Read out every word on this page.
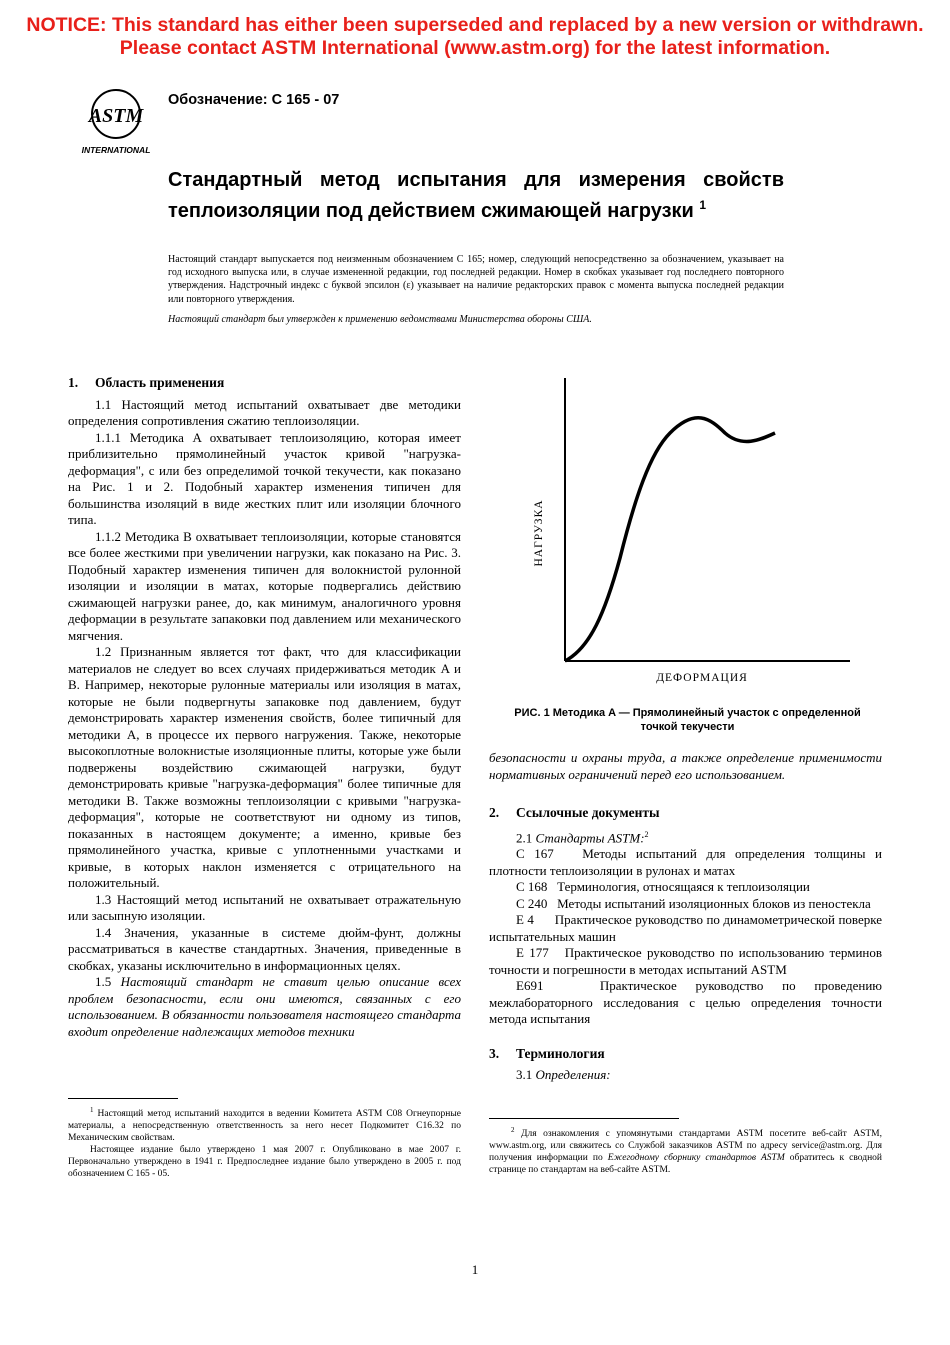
NOTICE: This standard has either been superseded and replaced by a new version or withdrawn.
Please contact ASTM International (www.astm.org) for the latest information.
ASTM
INTERNATIONAL
Обозначение: C 165 - 07
Стандартный метод испытания для измерения свойств теплоизоляции под действием сжимающей нагрузки $^1$
Настоящий стандарт выпускается под неизменным обозначением C 165; номер, следующий непосредственно за обозначением, указывает на год исходного выпуска или, в случае измененной редакции, год последней редакции. Номер в скобках указывает год последнего повторного утверждения. Надстрочный индекс с буквой эпсилон (ε) указывает на наличие редакторских правок с момента выпуска последней редакции или повторного утверждения.
Настоящий стандарт был утвержден к применению ведомствами Министерства обороны США.
1. Область применения

1.1 Настоящий метод испытаний охватывает две методики определения сопротивления сжатию теплоизоляции.

1.1.1 Методика A охватывает теплоизоляцию, которая имеет приблизительно прямолинейный участок кривой "нагрузка-деформация", с или без определимой точкой текучести, как показано на Рис. 1 и 2. Подобный характер изменения типичен для большинства изоляций в виде жестких плит или изоляции блочного типа.

1.1.2 Методика B охватывает теплоизоляции, которые становятся все более жесткими при увеличении нагрузки, как показано на Рис. 3. Подобный характер изменения типичен для волокнистой рулонной изоляции и изоляции в матах, которые подвергались действию сжимающей нагрузки ранее, до, как минимум, аналогичного уровня деформации в результате запаковки под давлением или механического мягчения.

1.2 Признанным является тот факт, что для классификации материалов не следует во всех случаях придерживаться методик A и B. Например, некоторые рулонные материалы или изоляция в матах, которые не были подвергнуты запаковке под давлением, будут демонстрировать характер изменения свойств, более типичный для методики A, в процессе их первого нагружения. Также, некоторые высокоплотные волокнистые изоляционные плиты, которые уже были подвержены воздействию сжимающей нагрузки, будут демонстрировать кривые "нагрузка-деформация" более типичные для методики B. Также возможны теплоизоляции с кривыми "нагрузка-деформация", которые не соответствуют ни одному из типов, показанных в настоящем документе; а именно, кривые без прямолинейного участка, кривые с уплотненными участками и кривые, в которых наклон изменяется с отрицательного на положительный.

1.3 Настоящий метод испытаний не охватывает отражательную или засыпную изоляции.

1.4 Значения, указанные в системе дюйм-фунт, должны рассматриваться в качестве стандартных. Значения, приведенные в скобках, указаны исключительно в информационных целях.

1.5 Настоящий стандарт не ставит целью описание всех проблем безопасности, если они имеются, связанных с его использованием. В обязанности пользователя настоящего стандарта входит определение надлежащих методов техники

НАГРУЗКА
ДЕФОРМАЦИЯ
РИС. 1 Методика A — Прямолинейный участок с определенной точкой текучести

безопасности и охраны труда, а также определение применимости нормативных ограничений перед его использованием.

2. Ссылочные документы

2.1 Стандарты ASTM:$^2$

C 167 Методы испытаний для определения толщины и плотности теплоизоляции в рулонах и матах

C 168 Терминология, относящаяся к теплоизоляции

C 240 Методы испытаний изоляционных блоков из пеностекла

E 4 Практическое руководство по динамометрической поверке испытательных машин

E 177 Практическое руководство по использованию терминов точности и погрешности в методах испытаний ASTM

E691	Практическое руководство по проведению межлабораторного исследования с целью определения точности метода испытания

3. Терминология

3.1 Определения:

$^1$ Настоящий метод испытаний находится в ведении Комитета ASTM C08 Огнеупорные материалы, а непосредственную ответственность за него несет Подкомитет C16.32 по Механическим свойствам.

Настоящее издание было утверждено 1 мая 2007 г. Опубликовано в мае 2007 г. Первоначально утверждено в 1941 г. Предпоследнее издание было утверждено в 2005 г. под обозначением C 165 - 05.

$^2$ Для ознакомления с упомянутыми стандартами ASTM посетите веб-сайт ASTM, www.astm.org, или свяжитесь со Службой заказчиков ASTM по адресу service@astm.org. Для получения информации по Ежегодному сборнику стандартов ASTM обратитесь к сводной странице по стандартам на веб-сайте ASTM.

1
